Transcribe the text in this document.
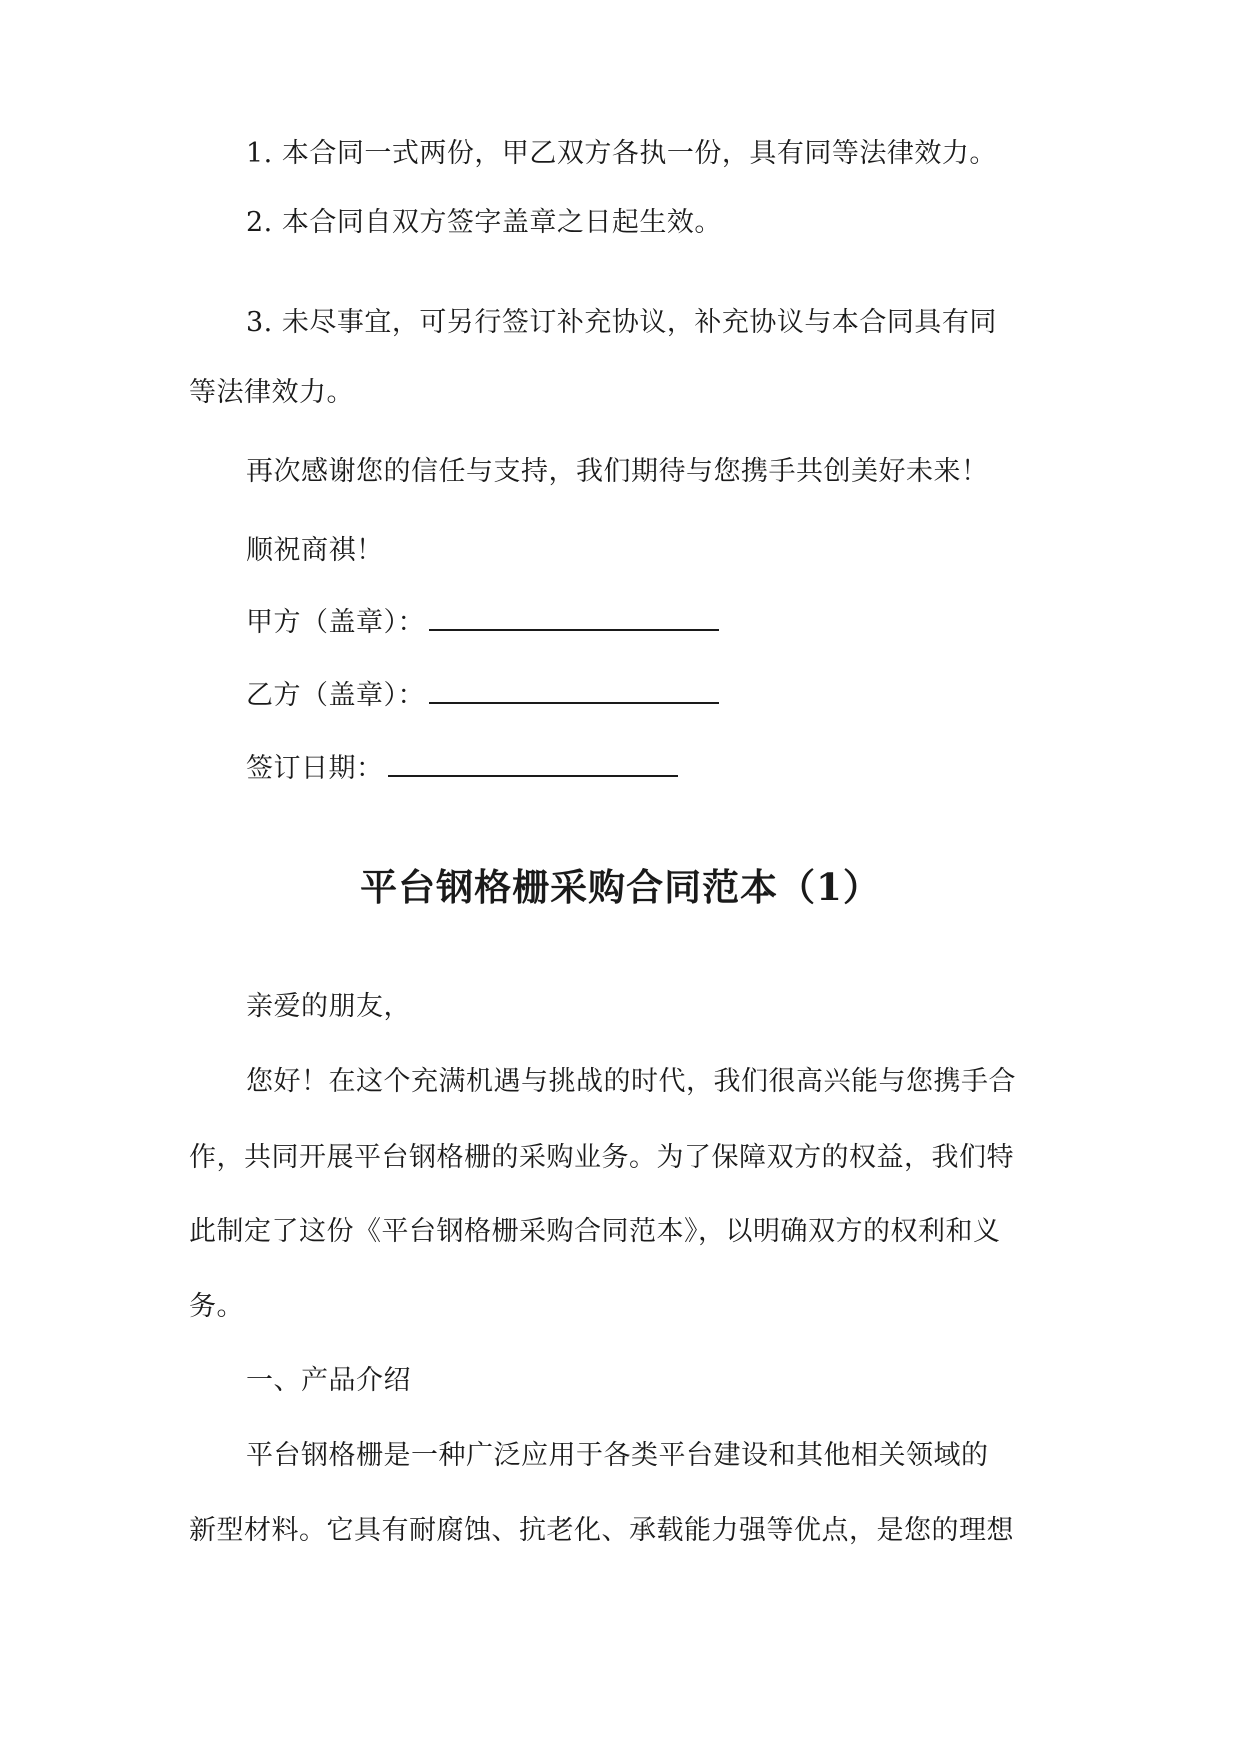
1. 本合同一式两份，甲乙双方各执一份，具有同等法律效力。
2. 本合同自双方签字盖章之日起生效。
3. 未尽事宜，可另行签订补充协议，补充协议与本合同具有同
等法律效力。
再次感谢您的信任与支持，我们期待与您携手共创美好未来！
顺祝商祺！
甲方（盖章）：
乙方（盖章）：
签订日期：
平台钢格栅采购合同范本（1）
亲爱的朋友，
您好！在这个充满机遇与挑战的时代，我们很高兴能与您携手合
作，共同开展平台钢格栅的采购业务。为了保障双方的权益，我们特
此制定了这份《平台钢格栅采购合同范本》，以明确双方的权利和义
务。
一、产品介绍
平台钢格栅是一种广泛应用于各类平台建设和其他相关领域的
新型材料。它具有耐腐蚀、抗老化、承载能力强等优点，是您的理想
